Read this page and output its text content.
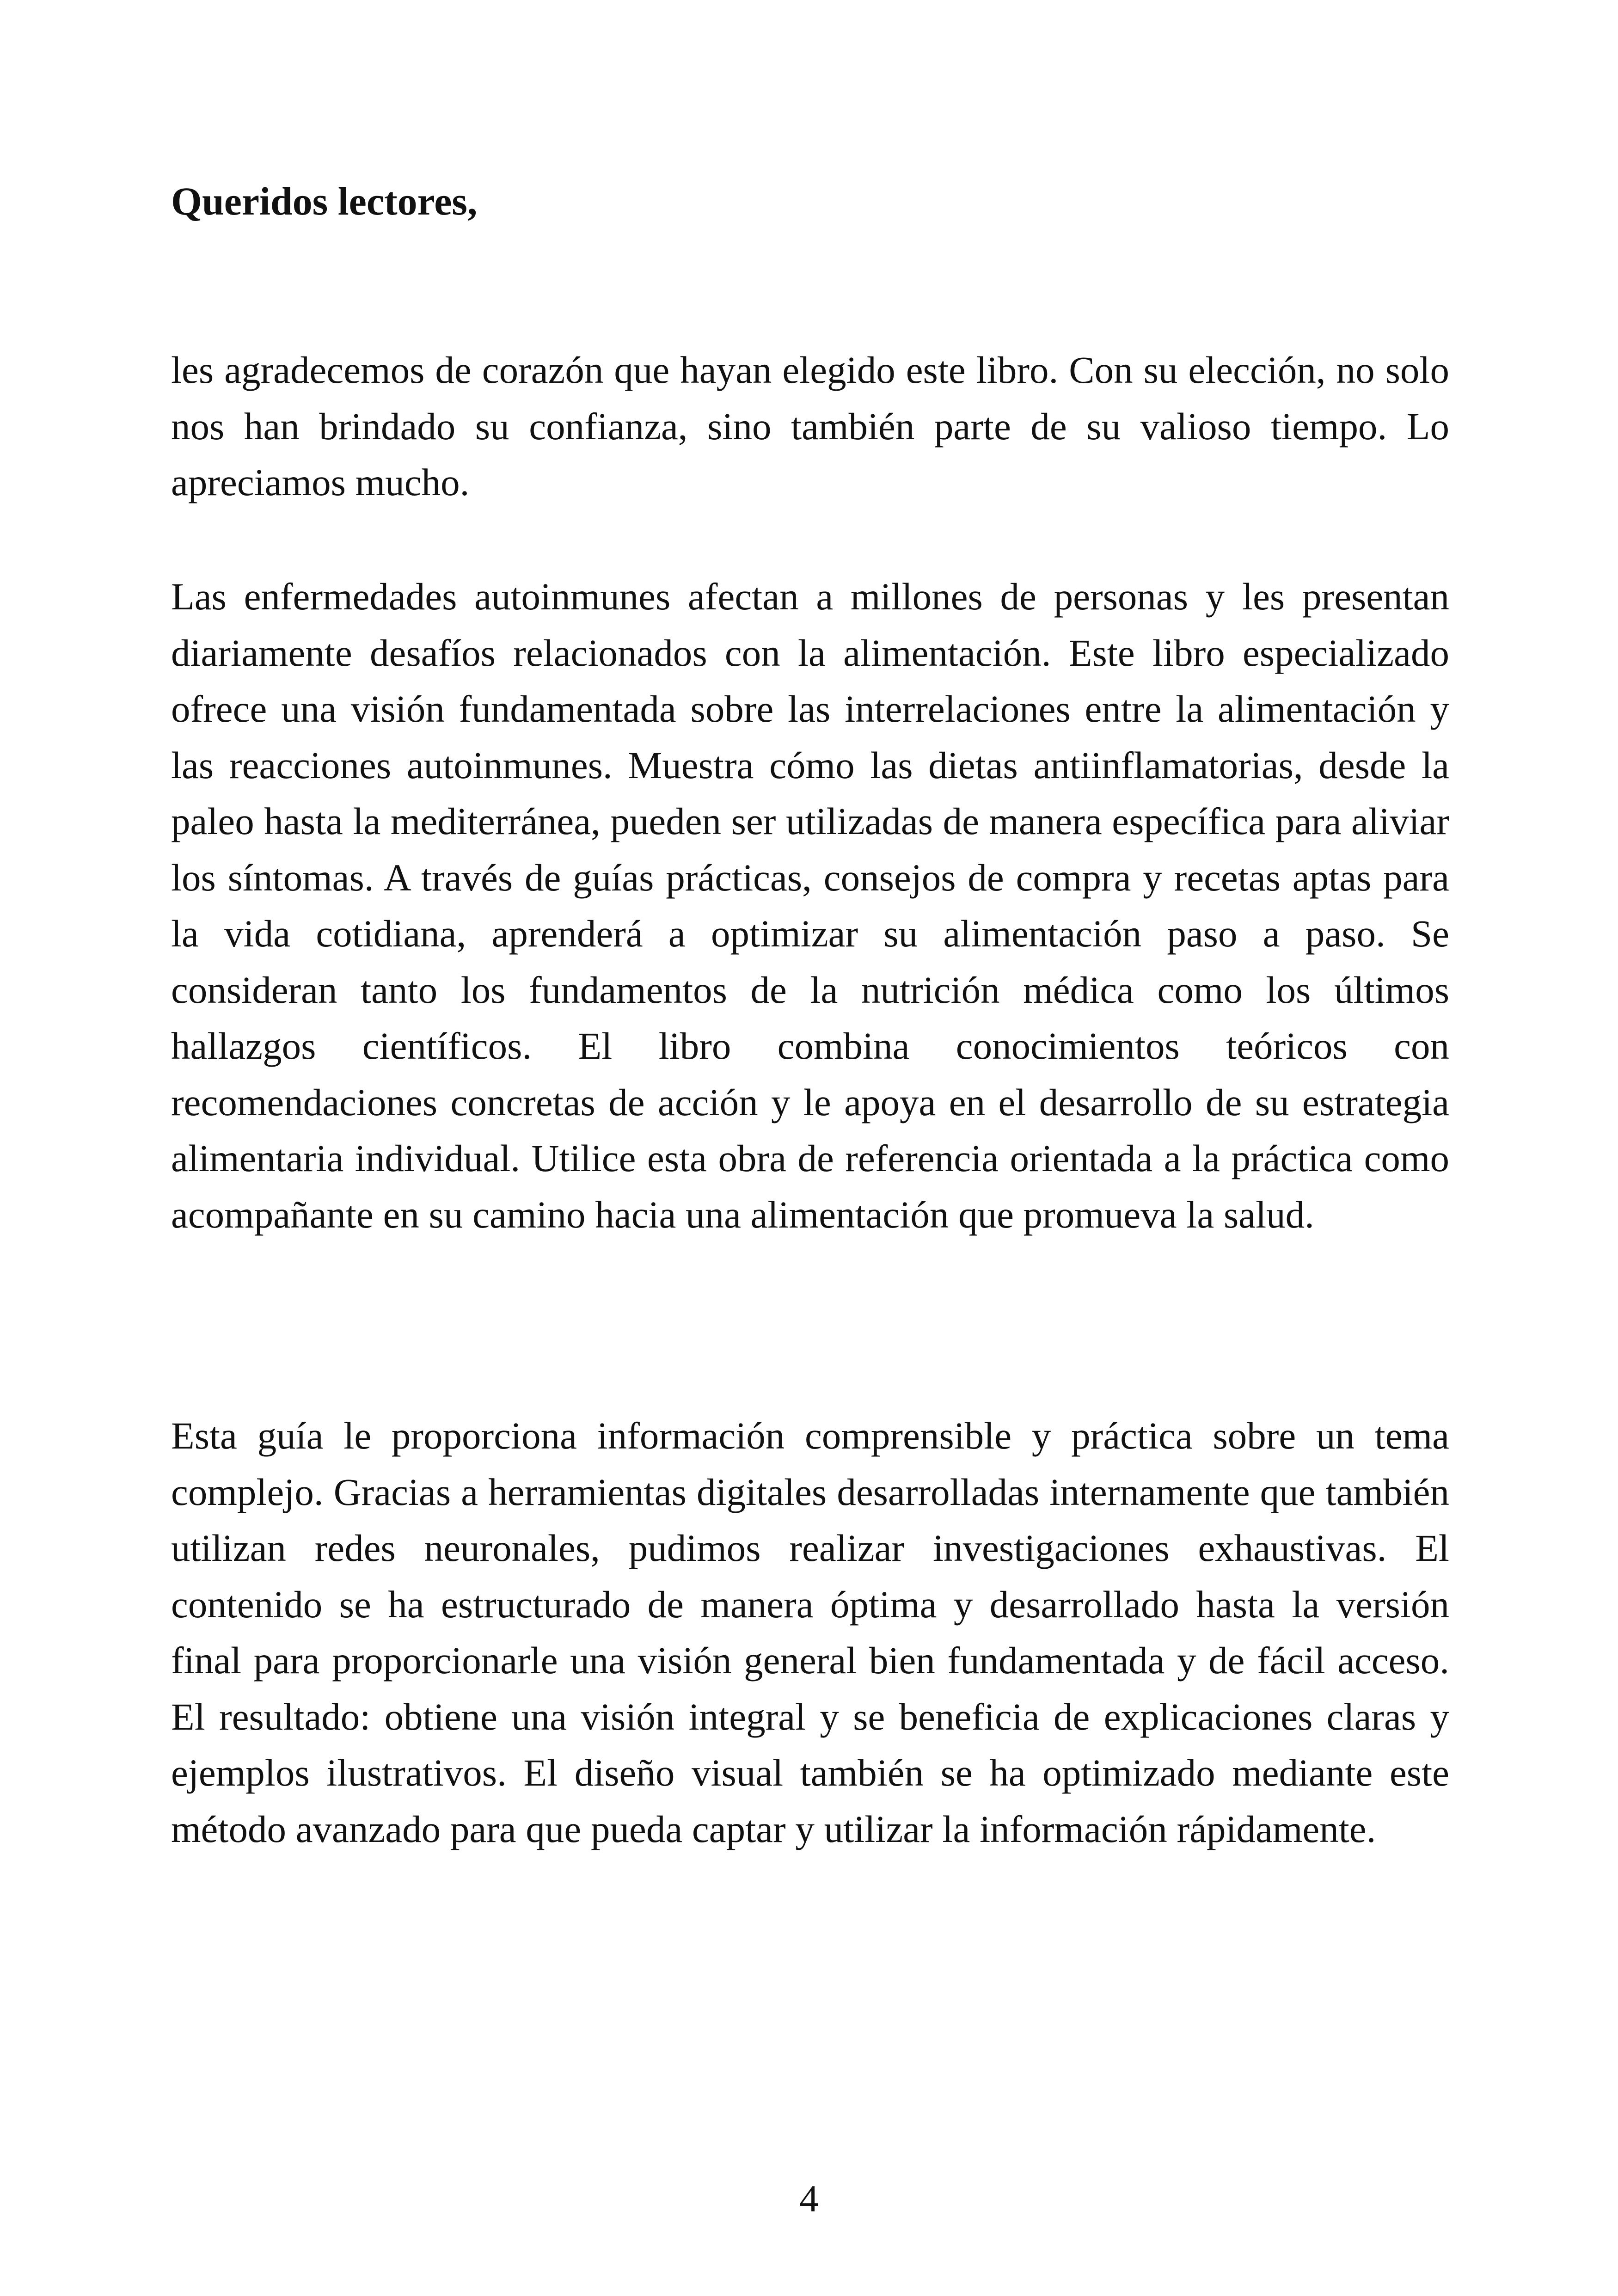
Queridos lectores,

les agradecemos de corazón que hayan elegido este libro. Con su elección, no solo nos han brindado su confianza, sino también parte de su valioso tiempo. Lo apreciamos mucho.

Las enfermedades autoinmunes afectan a millones de personas y les presentan diariamente desafíos relacionados con la alimentación. Este libro especializado ofrece una visión fundamentada sobre las interrelaciones entre la alimentación y las reacciones autoinmunes. Muestra cómo las dietas antiinflamatorias, desde la paleo hasta la mediterránea, pueden ser utilizadas de manera específica para aliviar los síntomas. A través de guías prácticas, consejos de compra y recetas aptas para la vida cotidiana, aprenderá a optimizar su alimentación paso a paso. Se consideran tanto los fundamentos de la nutrición médica como los últimos hallazgos científicos. El libro combina conocimientos teóricos con recomendaciones concretas de acción y le apoya en el desarrollo de su estrategia alimentaria individual. Utilice esta obra de referencia orientada a la práctica como acompañante en su camino hacia una alimentación que promueva la salud.

Esta guía le proporciona información comprensible y práctica sobre un tema complejo. Gracias a herramientas digitales desarrolladas internamente que también utilizan redes neuronales, pudimos realizar investigaciones exhaustivas. El contenido se ha estructurado de manera óptima y desarrollado hasta la versión final para proporcionarle una visión general bien fundamentada y de fácil acceso. El resultado: obtiene una visión integral y se beneficia de explicaciones claras y ejemplos ilustrativos. El diseño visual también se ha optimizado mediante este método avanzado para que pueda captar y utilizar la información rápidamente.

4
